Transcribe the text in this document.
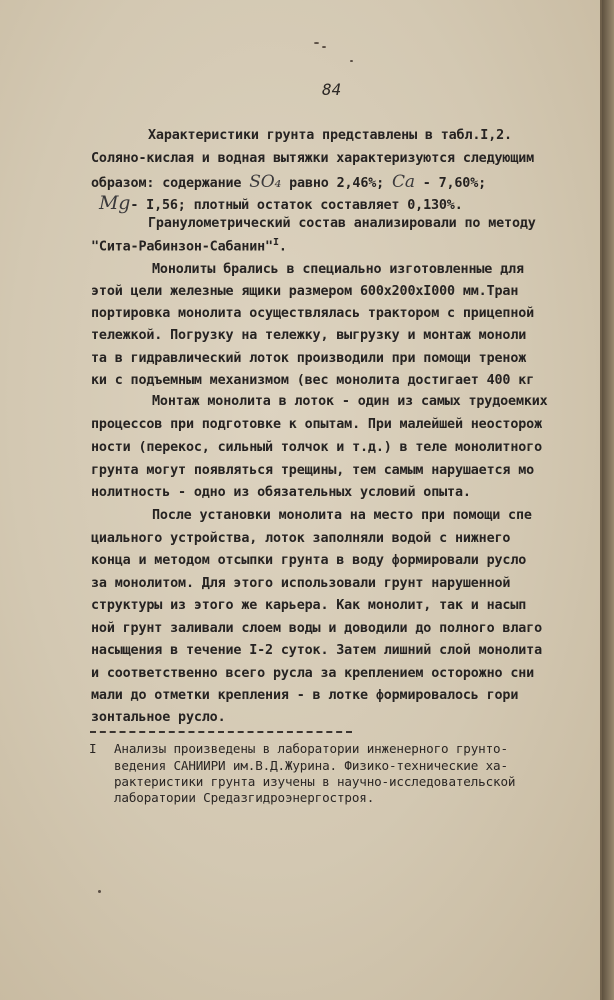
84
Характеристики грунта представлены в табл.I,2.
Соляно-кислая и водная вытяжки характеризуются следующим
образом: содержание SO₄ равно 2,46%; Ca - 7,60%;
Mg- I,56; плотный остаток составляет 0,130%.
Гранулометрический состав анализировали по методу
"Сита-Рабинзон-Сабанин"$^I$.
Монолиты брались в специально изготовленные для
этой цели железные ящики размером 600х200хI000 мм.Тран
портировка монолита осуществлялась трактором с прицепной
тележкой. Погрузку на тележку, выгрузку и монтаж моноли
та в гидравлический лоток производили при помощи тренож
ки с подъемным механизмом (вес монолита достигает 400 кг
Монтаж монолита в лоток - один из самых трудоемких
процессов при подготовке к опытам. При малейшей неосторож
ности (перекос, сильный толчок и т.д.) в теле монолитного
грунта могут появляться трещины, тем самым нарушается мо
нолитность - одно из обязательных условий опыта.
После установки монолита на место при помощи спе
циального устройства, лоток заполняли водой с нижнего
конца и методом отсыпки грунта в воду формировали русло
за монолитом. Для этого использовали грунт нарушенной
структуры из этого же карьера. Как монолит, так и насып
ной грунт заливали слоем воды и доводили до полного влаго
насыщения в течение I-2 суток. Затем лишний слой монолита
и соответственно всего русла за креплением осторожно сни
мали до отметки крепления - в лотке формировалось гори
зонтальное русло.
I Анализы произведены в лаборатории инженерного грунто-
ведения САНИИРИ им.В.Д.Журина. Физико-технические ха-
рактеристики грунта изучены в научно-исследовательской
лаборатории Средазгидроэнергостроя.
